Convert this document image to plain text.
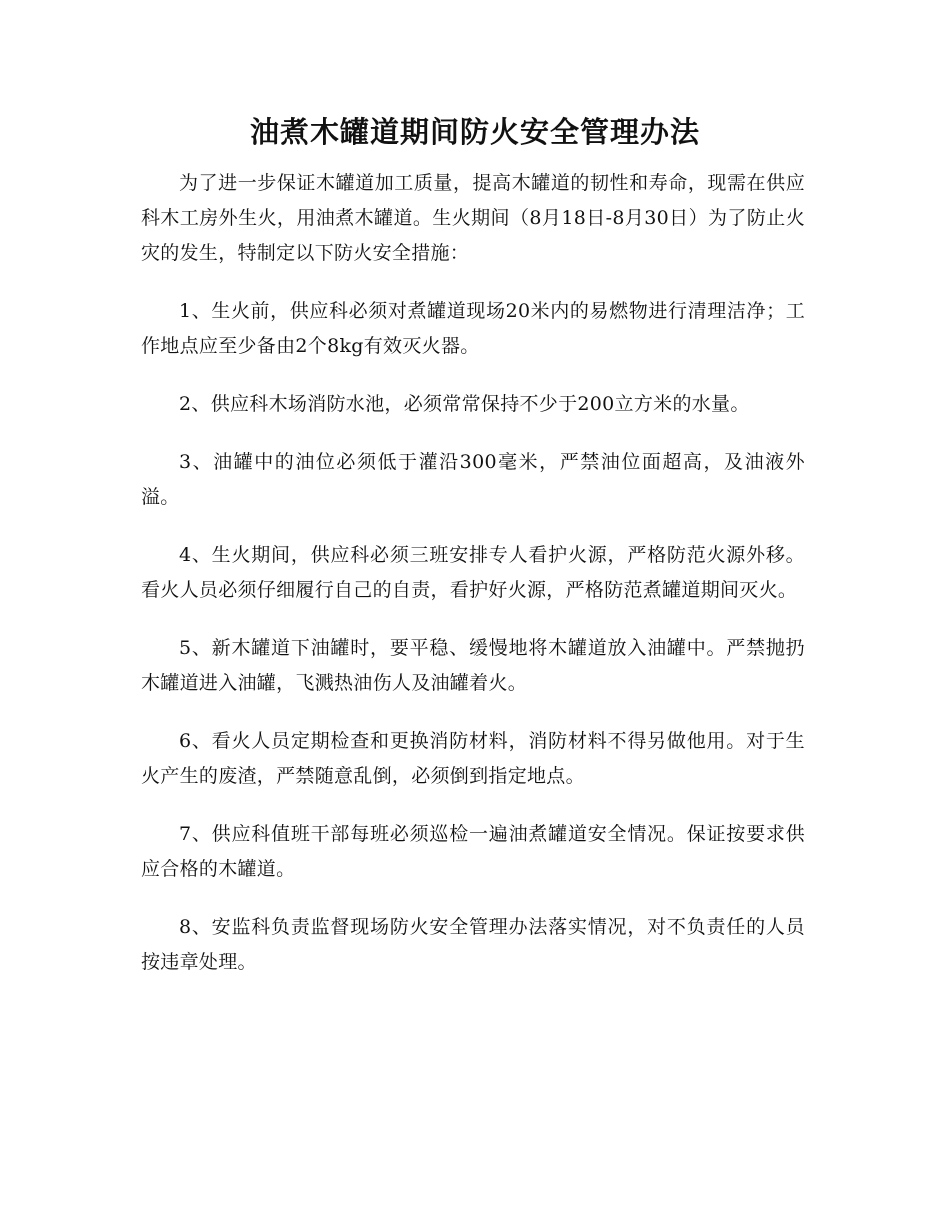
油煮木罐道期间防火安全管理办法

为了进一步保证木罐道加工质量，提高木罐道的韧性和寿命，现需在供应科木工房外生火，用油煮木罐道。生火期间（8月18日-8月30日）为了防止火灾的发生，特制定以下防火安全措施：

1、生火前，供应科必须对煮罐道现场20米内的易燃物进行清理洁净；工作地点应至少备由2个8kg有效灭火器。

2、供应科木场消防水池，必须常常保持不少于200立方米的水量。

3、油罐中的油位必须低于灌沿300毫米，严禁油位面超高，及油液外溢。

4、生火期间，供应科必须三班安排专人看护火源，严格防范火源外移。看火人员必须仔细履行自己的自责，看护好火源，严格防范煮罐道期间灭火。

5、新木罐道下油罐时，要平稳、缓慢地将木罐道放入油罐中。严禁抛扔木罐道进入油罐，飞溅热油伤人及油罐着火。

6、看火人员定期检查和更换消防材料，消防材料不得另做他用。对于生火产生的废渣，严禁随意乱倒，必须倒到指定地点。

7、供应科值班干部每班必须巡检一遍油煮罐道安全情况。保证按要求供应合格的木罐道。

8、安监科负责监督现场防火安全管理办法落实情况，对不负责任的人员按违章处理。
